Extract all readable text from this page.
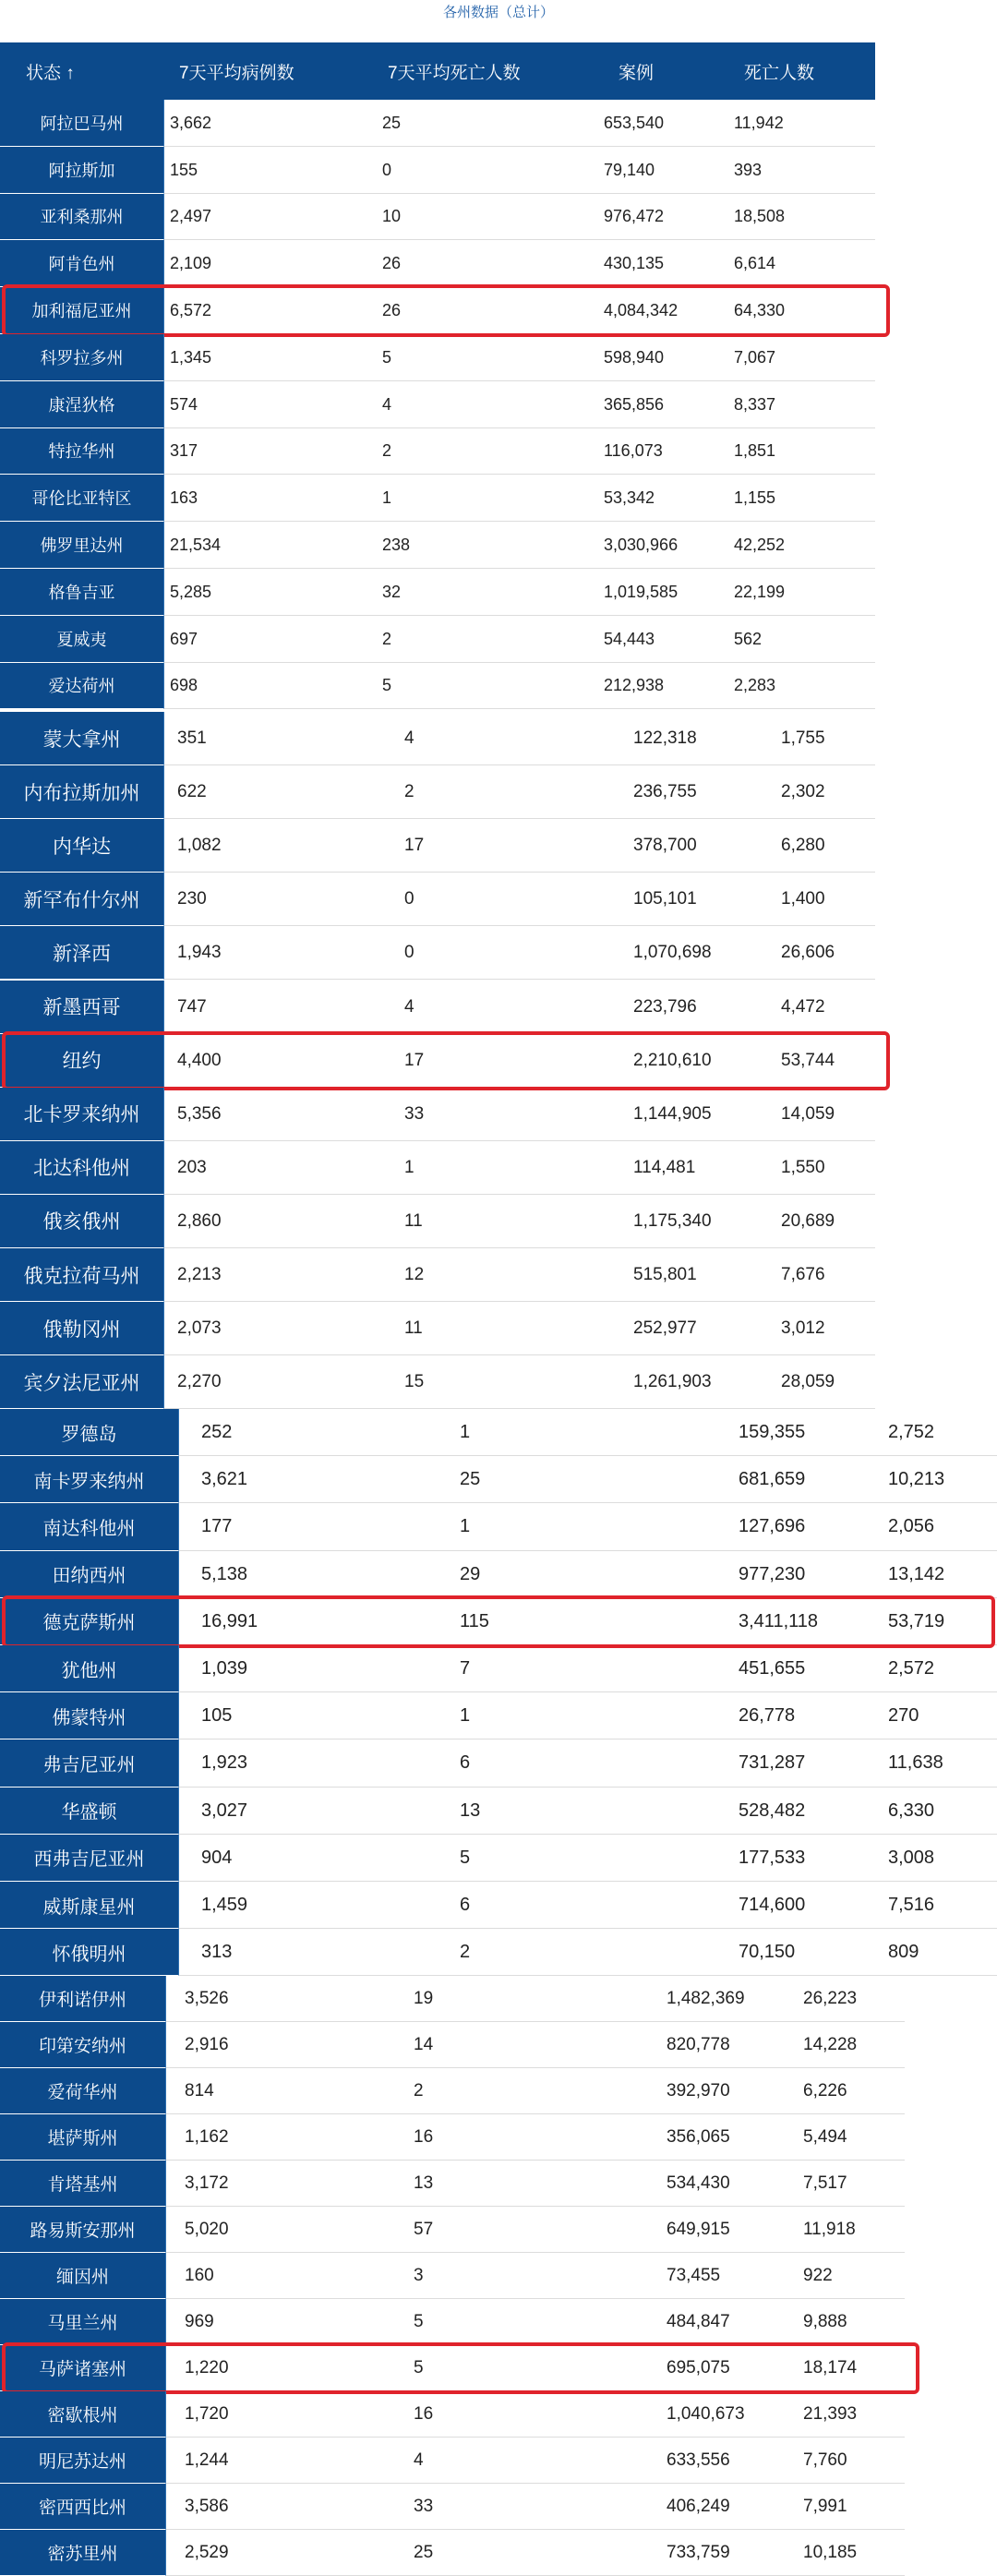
各州数据（总计）
状态 ↑	7天平均病例数	7天平均死亡人数	案例	死亡人数
阿拉巴马州	3,662	25	653,540	11,942
阿拉斯加	155	0	79,140	393
亚利桑那州	2,497	10	976,472	18,508
阿肯色州	2,109	26	430,135	6,614
加利福尼亚州	6,572	26	4,084,342	64,330
科罗拉多州	1,345	5	598,940	7,067
康涅狄格	574	4	365,856	8,337
特拉华州	317	2	116,073	1,851
哥伦比亚特区	163	1	53,342	1,155
佛罗里达州	21,534	238	3,030,966	42,252
格鲁吉亚	5,285	32	1,019,585	22,199
夏威夷	697	2	54,443	562
爱达荷州	698	5	212,938	2,283
蒙大拿州	351	4	122,318	1,755
内布拉斯加州	622	2	236,755	2,302
内华达	1,082	17	378,700	6,280
新罕布什尔州	230	0	105,101	1,400
新泽西	1,943	0	1,070,698	26,606
新墨西哥	747	4	223,796	4,472
纽约	4,400	17	2,210,610	53,744
北卡罗来纳州	5,356	33	1,144,905	14,059
北达科他州	203	1	114,481	1,550
俄亥俄州	2,860	11	1,175,340	20,689
俄克拉荷马州	2,213	12	515,801	7,676
俄勒冈州	2,073	11	252,977	3,012
宾夕法尼亚州	2,270	15	1,261,903	28,059
罗德岛	252	1	159,355	2,752
南卡罗来纳州	3,621	25	681,659	10,213
南达科他州	177	1	127,696	2,056
田纳西州	5,138	29	977,230	13,142
德克萨斯州	16,991	115	3,411,118	53,719
犹他州	1,039	7	451,655	2,572
佛蒙特州	105	1	26,778	270
弗吉尼亚州	1,923	6	731,287	11,638
华盛顿	3,027	13	528,482	6,330
西弗吉尼亚州	904	5	177,533	3,008
威斯康星州	1,459	6	714,600	7,516
怀俄明州	313	2	70,150	809
伊利诺伊州	3,526	19	1,482,369	26,223
印第安纳州	2,916	14	820,778	14,228
爱荷华州	814	2	392,970	6,226
堪萨斯州	1,162	16	356,065	5,494
肯塔基州	3,172	13	534,430	7,517
路易斯安那州	5,020	57	649,915	11,918
缅因州	160	3	73,455	922
马里兰州	969	5	484,847	9,888
马萨诸塞州	1,220	5	695,075	18,174
密歇根州	1,720	16	1,040,673	21,393
明尼苏达州	1,244	4	633,556	7,760
密西西比州	3,586	33	406,249	7,991
密苏里州	2,529	25	733,759	10,185
